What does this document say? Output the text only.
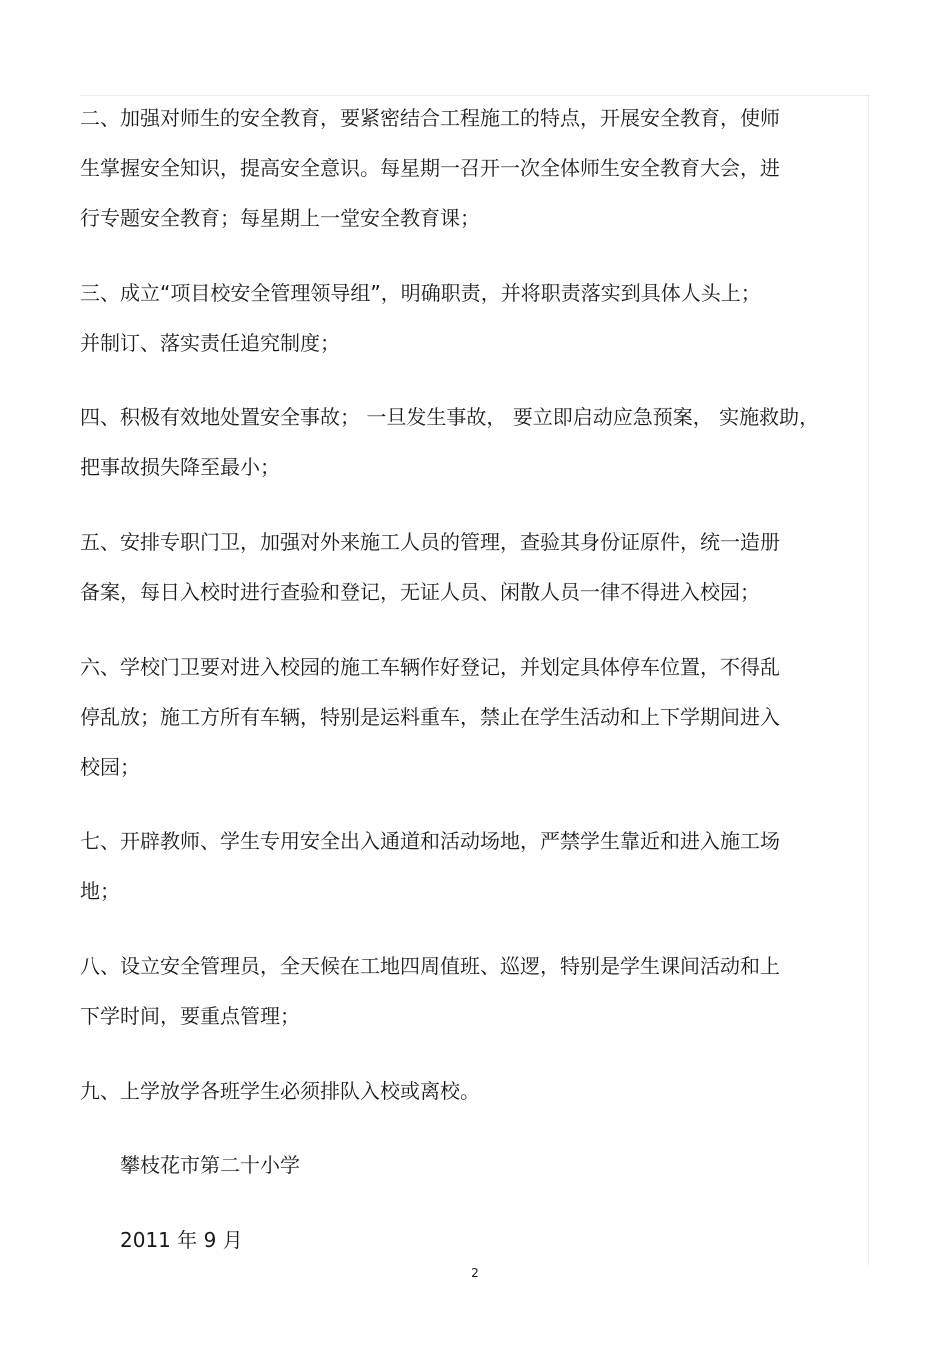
二、加强对师生的安全教育，要紧密结合工程施工的特点，开展安全教育，使师
生掌握安全知识，提高安全意识。每星期一召开一次全体师生安全教育大会，进
行专题安全教育；每星期上一堂安全教育课；
三、成立“项目校安全管理领导组”，明确职责，并将职责落实到具体人头上；
并制订、落实责任追究制度；
四、积极有效地处置安全事故； 一旦发生事故， 要立即启动应急预案， 实施救助，
把事故损失降至最小；
五、安排专职门卫，加强对外来施工人员的管理，查验其身份证原件，统一造册
备案，每日入校时进行查验和登记，无证人员、闲散人员一律不得进入校园；
六、学校门卫要对进入校园的施工车辆作好登记，并划定具体停车位置，不得乱
停乱放；施工方所有车辆，特别是运料重车，禁止在学生活动和上下学期间进入
校园；
七、开辟教师、学生专用安全出入通道和活动场地，严禁学生靠近和进入施工场
地；
八、设立安全管理员，全天候在工地四周值班、巡逻，特别是学生课间活动和上
下学时间，要重点管理；
九、上学放学各班学生必须排队入校或离校。
攀枝花市第二十小学
2011 年 9 月
2
